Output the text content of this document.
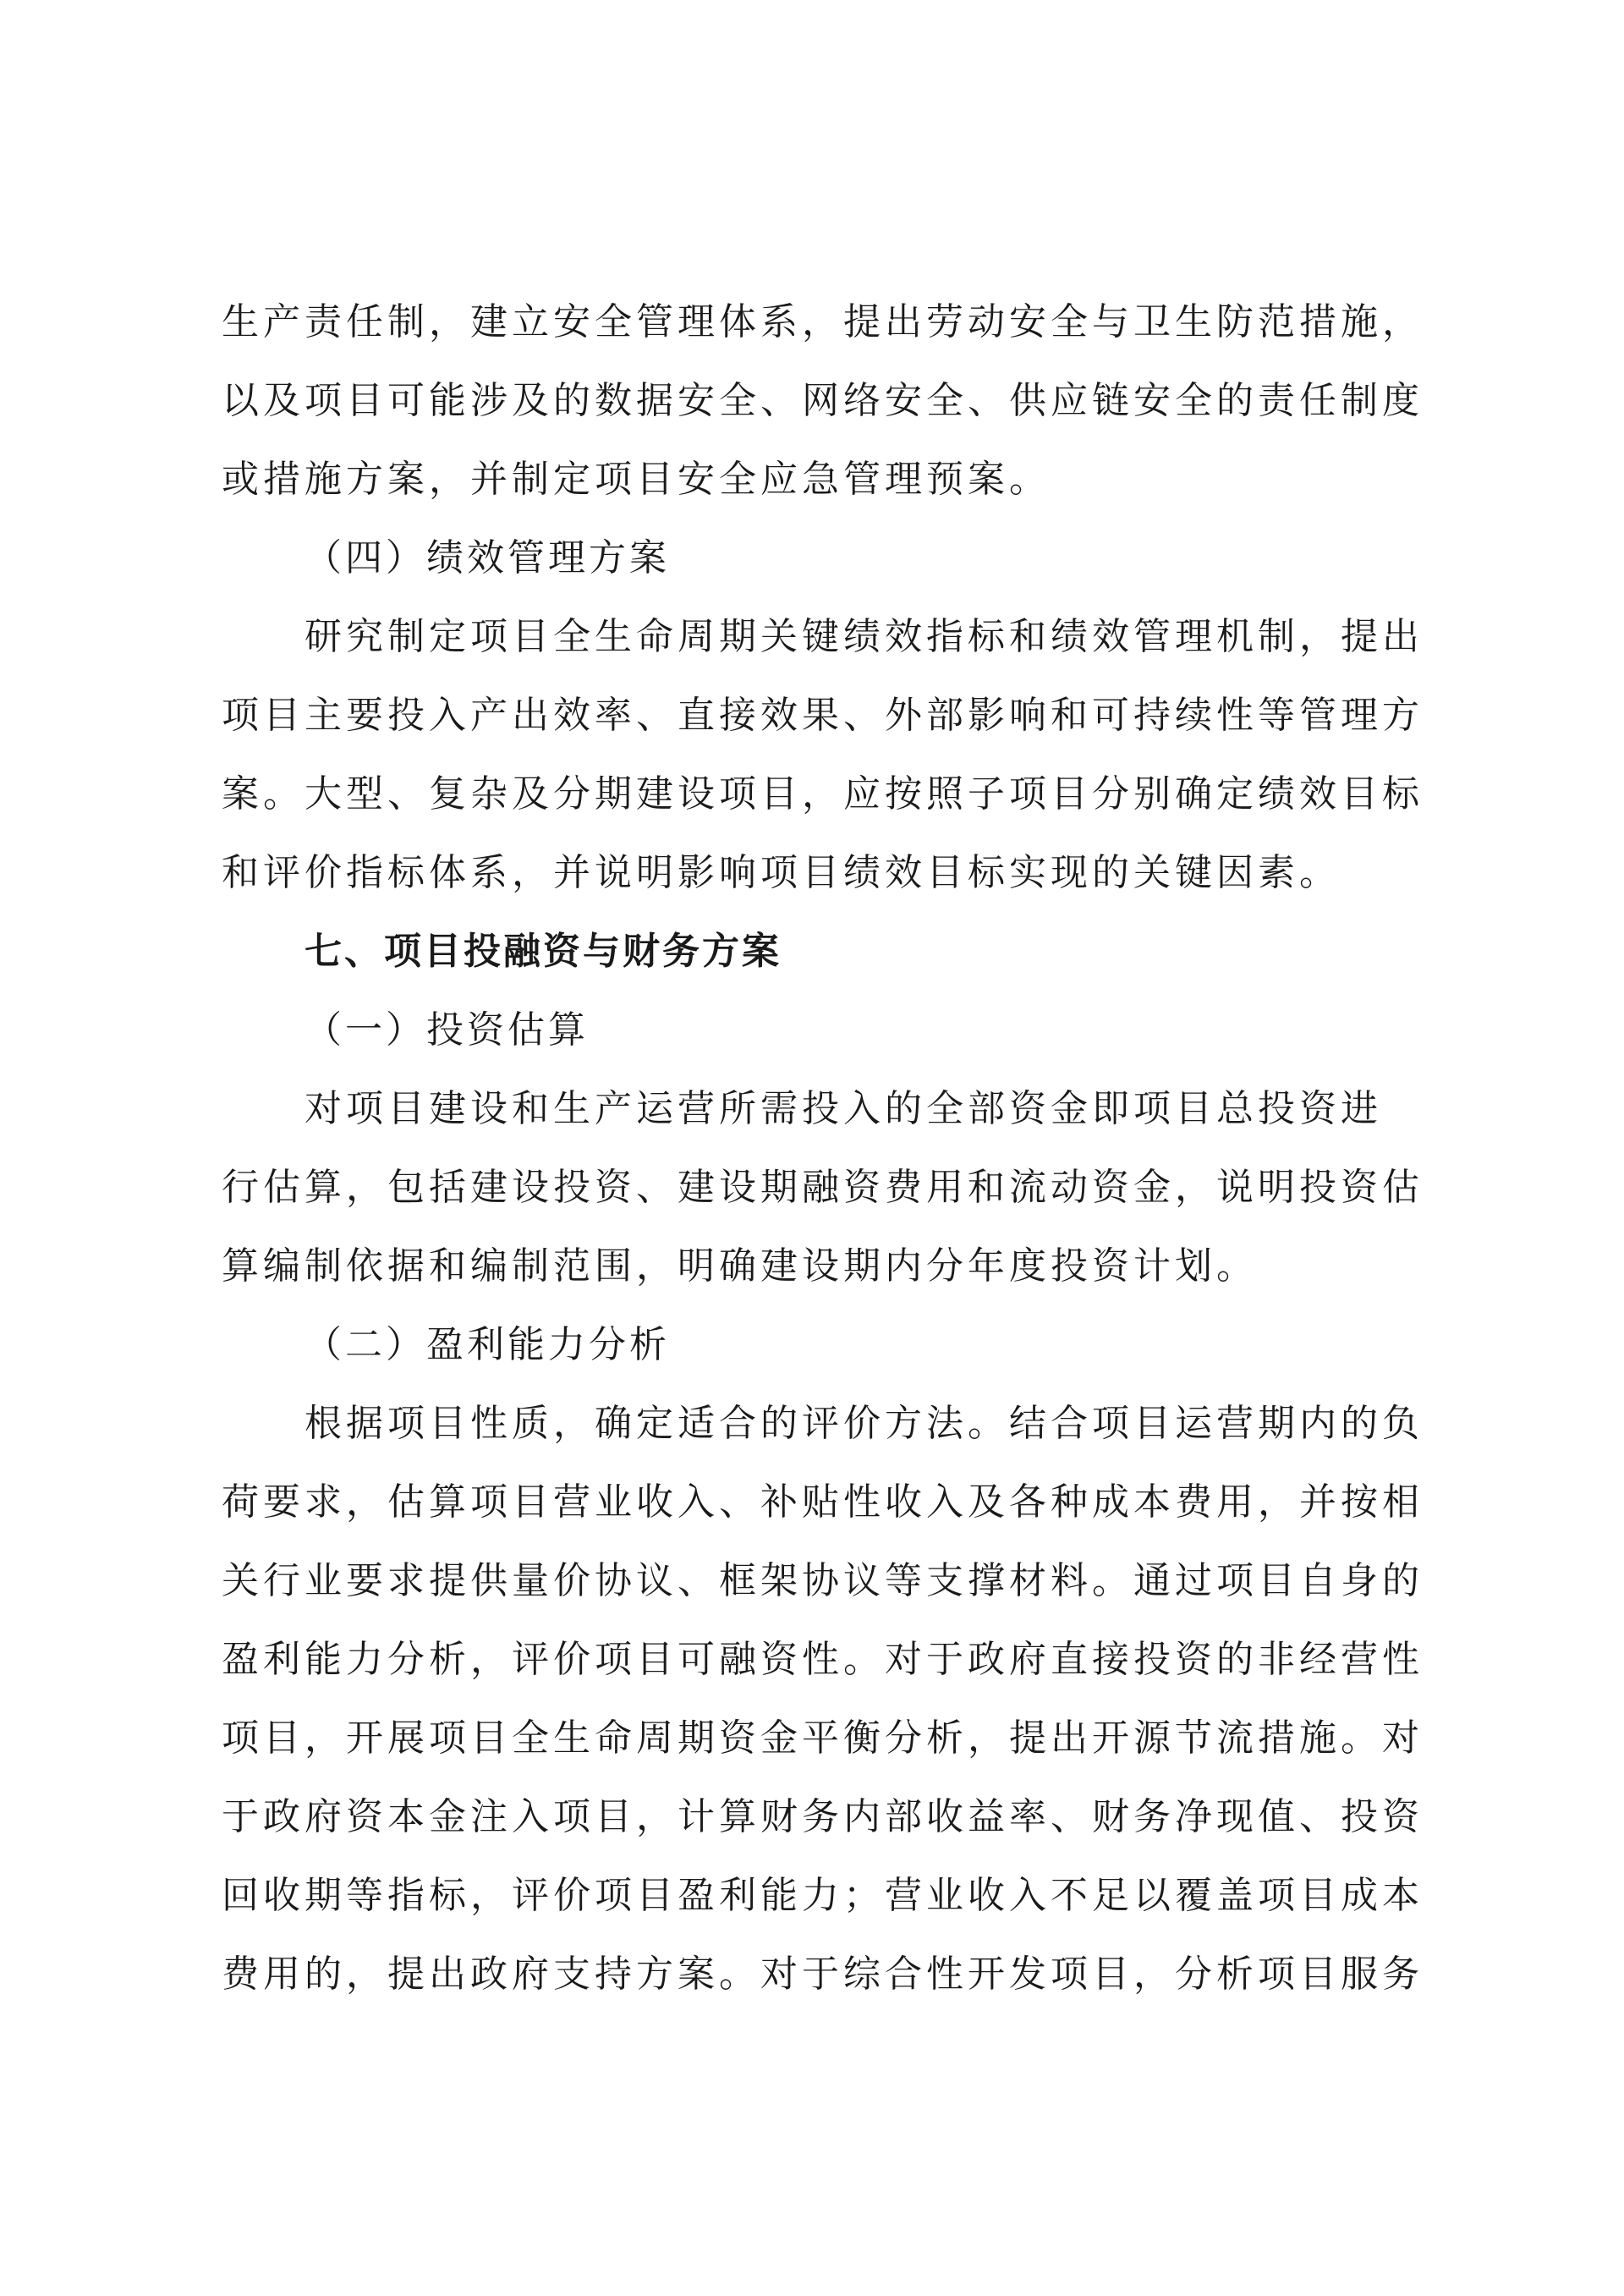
生产责任制，建立安全管理体系，提出劳动安全与卫生防范措施，
以及项目可能涉及的数据安全、网络安全、供应链安全的责任制度
或措施方案，并制定项目安全应急管理预案。
（四）绩效管理方案
研究制定项目全生命周期关键绩效指标和绩效管理机制，提出
项目主要投入产出效率、直接效果、外部影响和可持续性等管理方
案。大型、复杂及分期建设项目，应按照子项目分别确定绩效目标
和评价指标体系，并说明影响项目绩效目标实现的关键因素。
七、项目投融资与财务方案
（一）投资估算
对项目建设和生产运营所需投入的全部资金即项目总投资进
行估算，包括建设投资、建设期融资费用和流动资金，说明投资估
算编制依据和编制范围，明确建设期内分年度投资计划。
（二）盈利能力分析
根据项目性质，确定适合的评价方法。结合项目运营期内的负
荷要求，估算项目营业收入、补贴性收入及各种成本费用，并按相
关行业要求提供量价协议、框架协议等支撑材料。通过项目自身的
盈利能力分析，评价项目可融资性。对于政府直接投资的非经营性
项目，开展项目全生命周期资金平衡分析，提出开源节流措施。对
于政府资本金注入项目，计算财务内部收益率、财务净现值、投资
回收期等指标，评价项目盈利能力；营业收入不足以覆盖项目成本
费用的，提出政府支持方案。对于综合性开发项目，分析项目服务
